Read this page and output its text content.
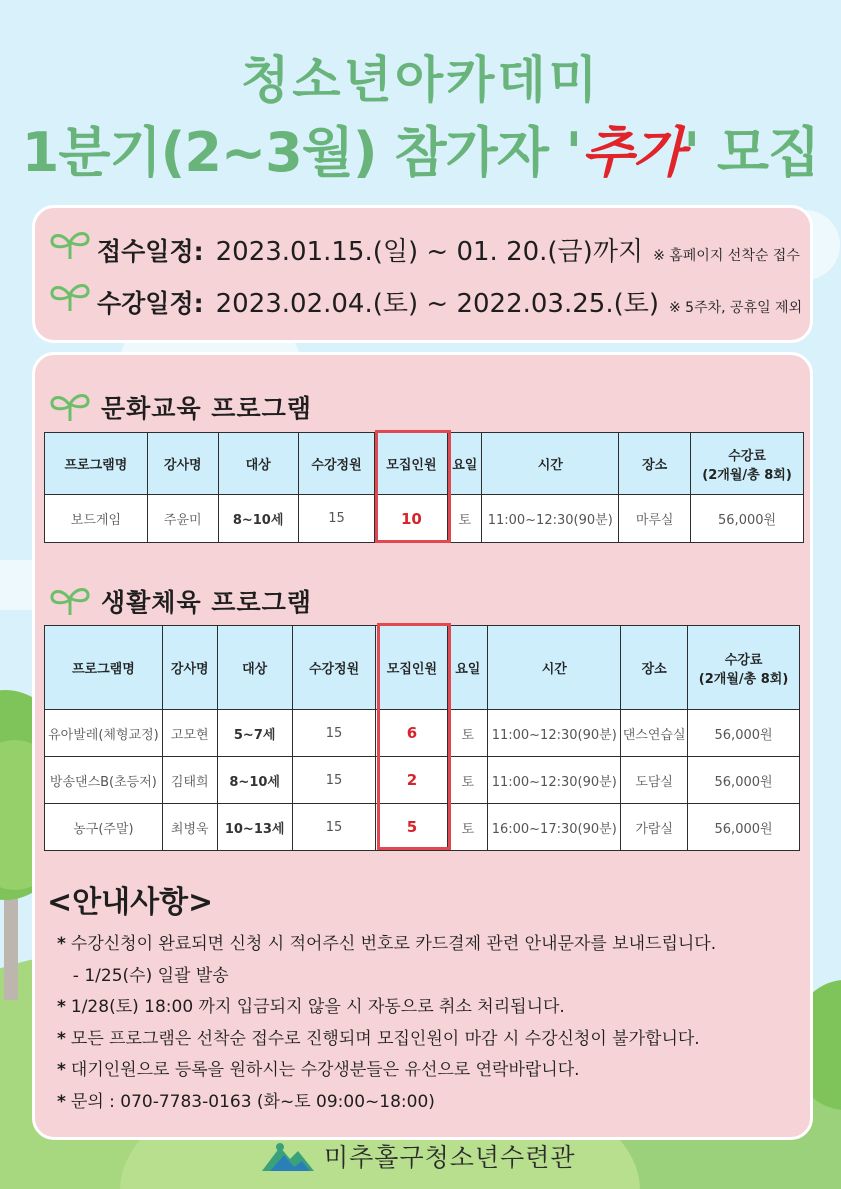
청소년아카데미
1분기(2~3월) 참가자 '추가' 모집
접수일정: 2023.01.15.(일) ~ 01. 20.(금)까지 ※ 홈페이지 선착순 접수
수강일정: 2023.02.04.(토) ~ 2022.03.25.(토) ※ 5주차, 공휴일 제외
문화교육 프로그램
프로그램명	강사명	대상	수강정원	모집인원	요일	시간	장소	수강료
(2개월/총 8회)
보드게임	주윤미	8~10세	15	10	토	11:00~12:30(90분)	마루실	56,000원
생활체육 프로그램
프로그램명	강사명	대상	수강정원	모집인원	요일	시간	장소	수강료
(2개월/총 8회)
유아발레(체형교정)	고모현	5~7세	15	6	토	11:00~12:30(90분)	댄스연습실	56,000원
방송댄스B(초등저)	김태희	8~10세	15	2	토	11:00~12:30(90분)	도담실	56,000원
농구(주말)	최병욱	10~13세	15	5	토	16:00~17:30(90분)	가람실	56,000원
<안내사항>
* 수강신청이 완료되면 신청 시 적어주신 번호로 카드결제 관련 안내문자를 보내드립니다.
- 1/25(수) 일괄 발송
* 1/28(토) 18:00 까지 입금되지 않을 시 자동으로 취소 처리됩니다.
* 모든 프로그램은 선착순 접수로 진행되며 모집인원이 마감 시 수강신청이 불가합니다.
* 대기인원으로 등록을 원하시는 수강생분들은 유선으로 연락바랍니다.
* 문의 : 070-7783-0163 (화~토 09:00~18:00)
미추홀구청소년수련관
